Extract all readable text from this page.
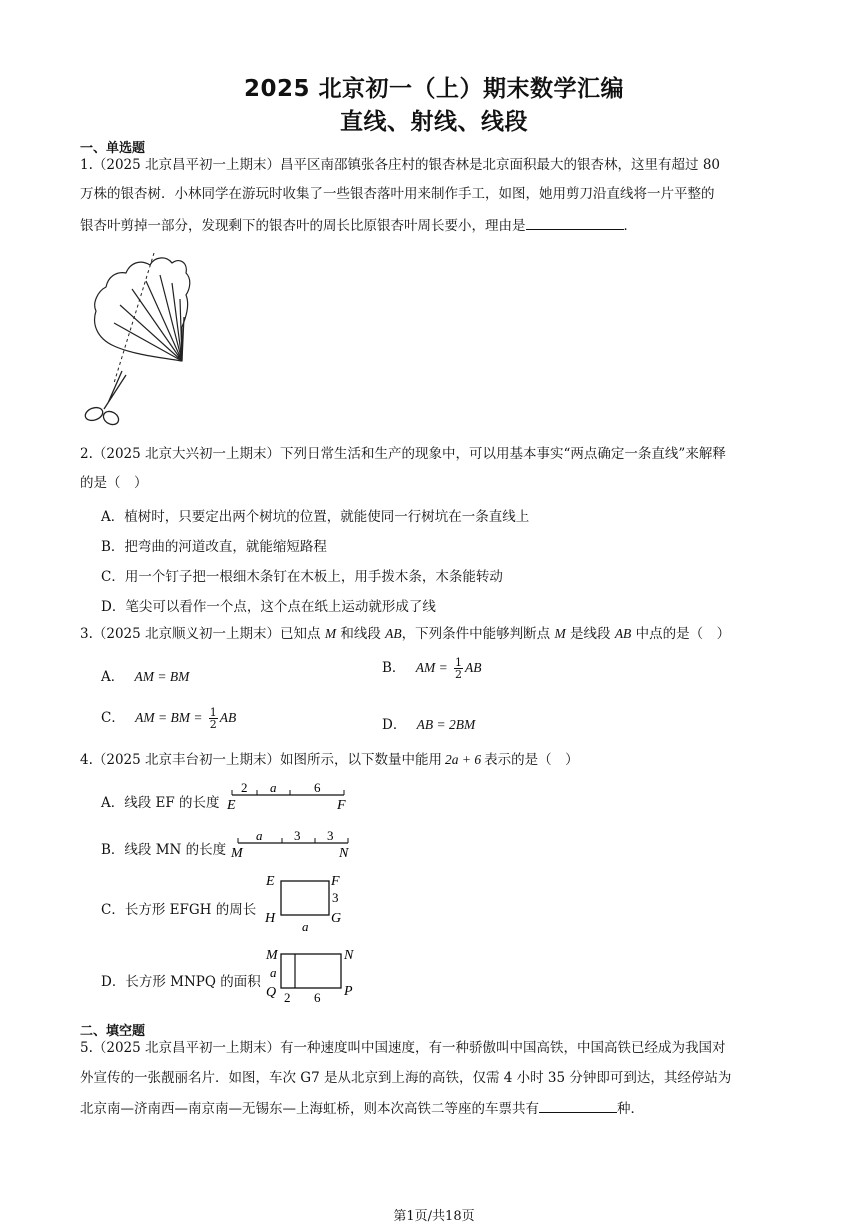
2025 北京初一（上）期末数学汇编
直线、射线、线段
一、单选题
1.（2025 北京昌平初一上期末）昌平区南邵镇张各庄村的银杏林是北京面积最大的银杏林，这里有超过 80
万株的银杏树．小林同学在游玩时收集了一些银杏落叶用来制作手工，如图，她用剪刀沿直线将一片平整的
银杏叶剪掉一部分，发现剩下的银杏叶的周长比原银杏叶周长要小，理由是	．
2.（2025 北京大兴初一上期末）下列日常生活和生产的现象中，可以用基本事实“两点确定一条直线”来解释
的是（　）
A．植树时，只要定出两个树坑的位置，就能使同一行树坑在一条直线上
B．把弯曲的河道改直，就能缩短路程
C．用一个钉子把一根细木条钉在木板上，用手拨木条，木条能转动
D．笔尖可以看作一个点，这个点在纸上运动就形成了线
3.（2025 北京顺义初一上期末）已知点 M 和线段 AB，下列条件中能够判断点 M 是线段 AB 中点的是（　）
A． AM = BM
B． AM = $\frac{1}{2}$ AB
C． AM = BM = $\frac{1}{2}$ AB	D． AB = 2BM
4.（2025 北京丰台初一上期末）如图所示，以下数量中能用 2a + 6 表示的是（　）
A．线段 EF 的长度
2 a	6
E	F
B．线段 MN 的长度
a 3 3
M	N
C．长方形 EFGH 的周长
E	F
3
H	G
a
D．长方形 MNPQ 的面积
M	N
a
Q	P
2 6
二、填空题
5.（2025 北京昌平初一上期末）有一种速度叫中国速度，有一种骄傲叫中国高铁，中国高铁已经成为我国对
外宣传的一张靓丽名片．如图，车次 G7 是从北京到上海的高铁，仅需 4 小时 35 分钟即可到达，其经停站为
北京南—济南西—南京南—无锡东—上海虹桥，则本次高铁二等座的车票共有	种．
第1页/共18页
